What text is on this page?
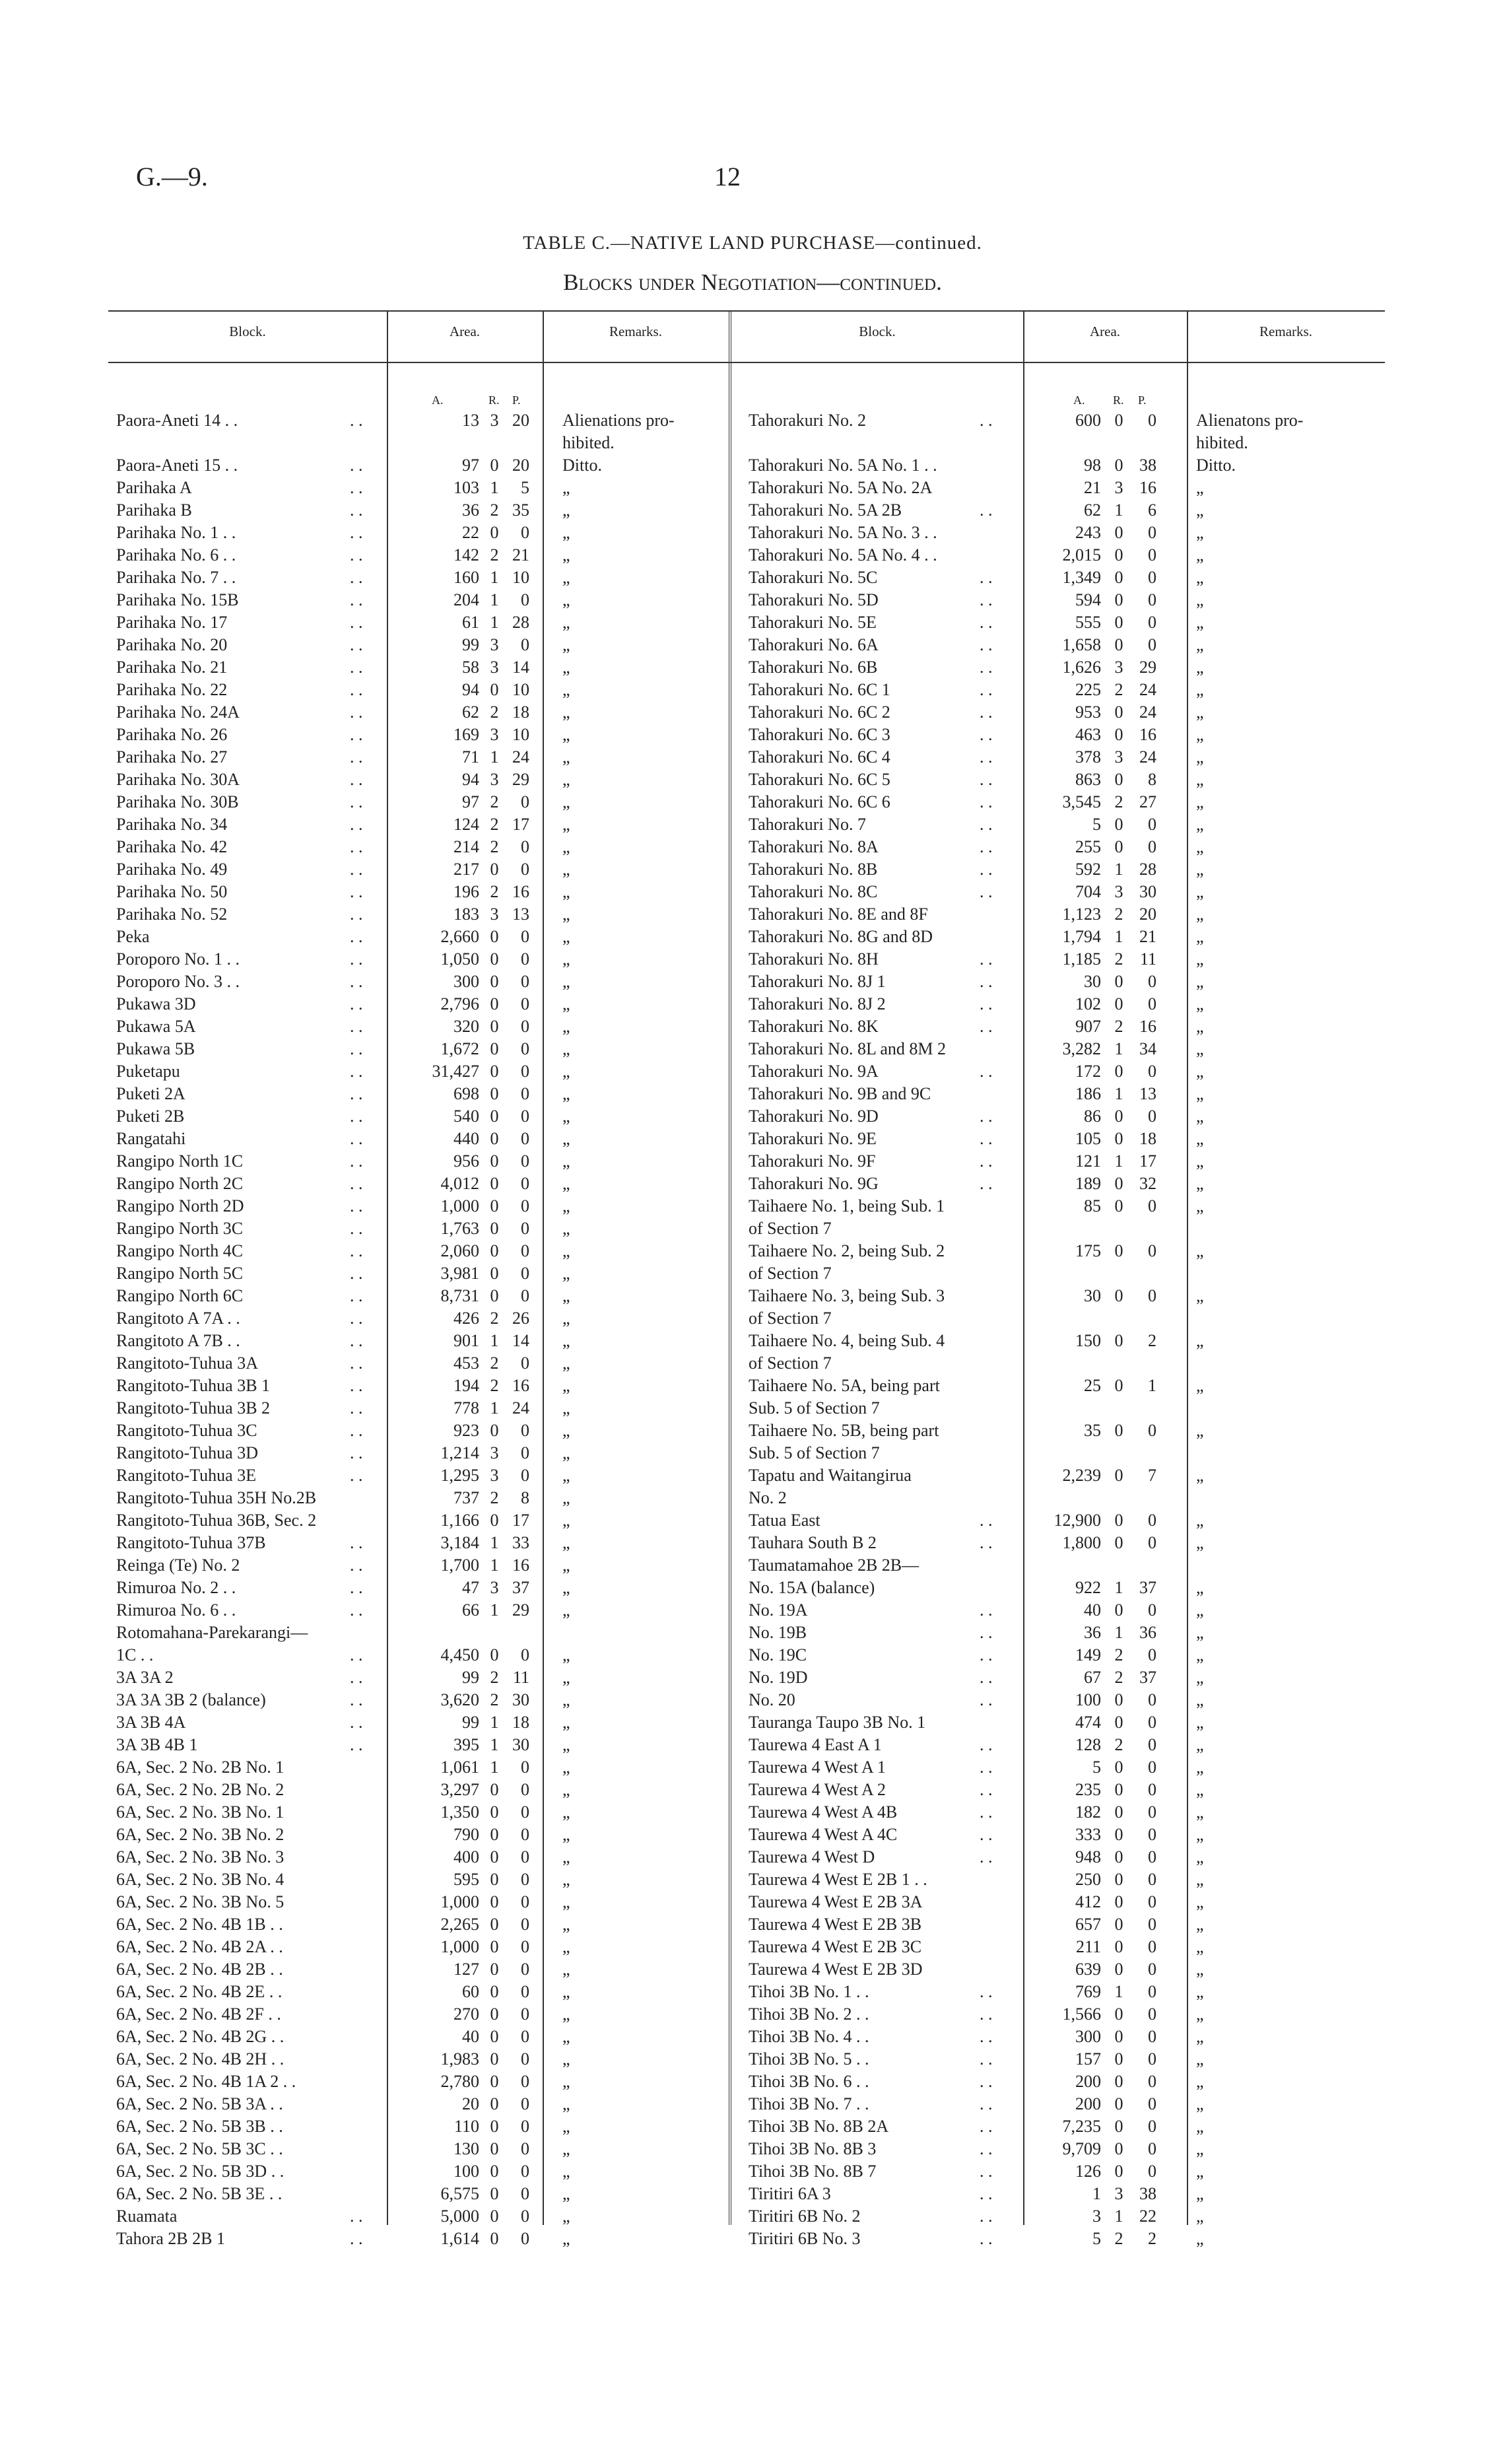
G.—9.	12
TABLE C.—NATIVE LAND PURCHASE—continued.
Blocks under Negotiation—continued.
Block.	Area.	Remarks.	Block.	Area.	Remarks.
A.	R. P.	A. R. P.
Paora-Aneti 14 . .	. .	13 3 20 Alienations pro-
hibited.
Paora-Aneti 15 . .	. .	97 0 20 Ditto.
Parihaka A	. .	103 1	5 „
Parihaka B	. .	36 2 35 „
Parihaka No. 1 . .	. .	22 0	0 „
Parihaka No. 6 . .	. .	142 2 21 „
Parihaka No. 7 . .	. .	160 1 10 „
Parihaka No. 15B	. .	204 1	0 „
Parihaka No. 17	. .	61 1 28 „
Parihaka No. 20	. .	99 3	0 „
Parihaka No. 21	. .	58 3 14 „
Parihaka No. 22	. .	94 0 10 „
Parihaka No. 24A	. .	62 2 18 „
Parihaka No. 26	. .	169 3 10 „
Parihaka No. 27	. .	71 1 24 „
Parihaka No. 30A	. .	94 3 29 „
Parihaka No. 30B	. .	97 2	0 „
Parihaka No. 34	. .	124 2 17 „
Parihaka No. 42	. .	214 2	0 „
Parihaka No. 49	. .	217 0	0 „
Parihaka No. 50	. .	196 2 16 „
Parihaka No. 52	. .	183 3 13 „
Peka	. .	2,660 0	0 „
Poroporo No. 1 . .	. .	1,050 0	0 „
Poroporo No. 3 . .	. .	300 0	0 „
Pukawa 3D	. .	2,796 0	0 „
Pukawa 5A	. .	320 0	0 „
Pukawa 5B	. .	1,672 0	0 „
Puketapu	. .	31,427 0	0 „
Puketi 2A	. .	698 0	0 „
Puketi 2B	. .	540 0	0 „
Rangatahi	. .	440 0	0 „
Rangipo North 1C	. .	956 0	0 „
Rangipo North 2C	. .	4,012 0	0 „
Rangipo North 2D	. .	1,000 0	0 „
Rangipo North 3C	. .	1,763 0	0 „
Rangipo North 4C	. .	2,060 0	0 „
Rangipo North 5C	. .	3,981 0	0 „
Rangipo North 6C	. .	8,731 0	0 „
Rangitoto A 7A . .	. .	426 2 26 „
Rangitoto A 7B . .	. .	901 1 14 „
Rangitoto-Tuhua 3A	. .	453 2	0 „
Rangitoto-Tuhua 3B 1	. .	194 2 16 „
Rangitoto-Tuhua 3B 2	. .	778 1 24 „
Rangitoto-Tuhua 3C	. .	923 0	0 „
Rangitoto-Tuhua 3D	. .	1,214 3	0 „
Rangitoto-Tuhua 3E	. .	1,295 3	0 „
Rangitoto-Tuhua 35H No.2B	737 2	8 „
Rangitoto-Tuhua 36B, Sec. 2	1,166 0 17 „
Rangitoto-Tuhua 37B	. .	3,184 1 33 „
Reinga (Te) No. 2	. .	1,700 1 16 „
Rimuroa No. 2 . .	. .	47 3 37 „
Rimuroa No. 6 . .	. .	66 1 29 „
Rotomahana-Parekarangi—
1C . .	. .	4,450 0	0 „
3A 3A 2	. .	99 2 11 „
3A 3A 3B 2 (balance)	. .	3,620 2 30 „
3A 3B 4A	. .	99 1 18 „
3A 3B 4B 1	. .	395 1 30 „
6A, Sec. 2 No. 2B No. 1	1,061 1	0 „
6A, Sec. 2 No. 2B No. 2	3,297 0	0 „
6A, Sec. 2 No. 3B No. 1	1,350 0	0 „
6A, Sec. 2 No. 3B No. 2	790 0	0 „
6A, Sec. 2 No. 3B No. 3	400 0	0 „
6A, Sec. 2 No. 3B No. 4	595 0	0 „
6A, Sec. 2 No. 3B No. 5	1,000 0	0 „
6A, Sec. 2 No. 4B 1B . .	2,265 0	0 „
6A, Sec. 2 No. 4B 2A . .	1,000 0	0 „
6A, Sec. 2 No. 4B 2B . .	127 0	0 „
6A, Sec. 2 No. 4B 2E . .	60 0	0 „
6A, Sec. 2 No. 4B 2F . .	270 0	0 „
6A, Sec. 2 No. 4B 2G . .	40 0	0 „
6A, Sec. 2 No. 4B 2H . .	1,983 0	0 „
6A, Sec. 2 No. 4B 1A 2 . .	2,780 0	0 „
6A, Sec. 2 No. 5B 3A . .	20 0	0 „
6A, Sec. 2 No. 5B 3B . .	110 0	0 „
6A, Sec. 2 No. 5B 3C . .	130 0	0 „
6A, Sec. 2 No. 5B 3D . .	100 0	0 „
6A, Sec. 2 No. 5B 3E . .	6,575 0	0 „
Ruamata	. .	5,000 0	0 „
Tahora 2B 2B 1	. .	1,614 0	0 „
Tahorakuri No. 2	. .	600 0	0 Alienatons pro-
hibited.
Tahorakuri No. 5A No. 1 . .	98 0 38 Ditto.
Tahorakuri No. 5A No. 2A	21 3 16 „
Tahorakuri No. 5A 2B	. .	62 1	6 „
Tahorakuri No. 5A No. 3 . .	243 0	0 „
Tahorakuri No. 5A No. 4 . .	2,015 0	0 „
Tahorakuri No. 5C	. .	1,349 0	0 „
Tahorakuri No. 5D	. .	594 0	0 „
Tahorakuri No. 5E	. .	555 0	0 „
Tahorakuri No. 6A	. .	1,658 0	0 „
Tahorakuri No. 6B	. .	1,626 3 29 „
Tahorakuri No. 6C 1	. .	225 2 24 „
Tahorakuri No. 6C 2	. .	953 0 24 „
Tahorakuri No. 6C 3	. .	463 0 16 „
Tahorakuri No. 6C 4	. .	378 3 24 „
Tahorakuri No. 6C 5	. .	863 0	8 „
Tahorakuri No. 6C 6	. .	3,545 2 27 „
Tahorakuri No. 7	. .	5 0	0 „
Tahorakuri No. 8A	. .	255 0	0 „
Tahorakuri No. 8B	. .	592 1 28 „
Tahorakuri No. 8C	. .	704 3 30 „
Tahorakuri No. 8E and 8F	1,123 2 20 „
Tahorakuri No. 8G and 8D	1,794 1 21 „
Tahorakuri No. 8H	. .	1,185 2 11 „
Tahorakuri No. 8J 1	. .	30 0	0 „
Tahorakuri No. 8J 2	. .	102 0	0 „
Tahorakuri No. 8K	. .	907 2 16 „
Tahorakuri No. 8L and 8M 2	3,282 1 34 „
Tahorakuri No. 9A	. .	172 0	0 „
Tahorakuri No. 9B and 9C	186 1 13 „
Tahorakuri No. 9D	. .	86 0	0 „
Tahorakuri No. 9E	. .	105 0 18 „
Tahorakuri No. 9F	. .	121 1 17 „
Tahorakuri No. 9G	. .	189 0 32 „
Taihaere No. 1, being Sub. 1	85 0	0 „
of Section 7
Taihaere No. 2, being Sub. 2	175 0	0 „
of Section 7
Taihaere No. 3, being Sub. 3	30 0	0 „
of Section 7
Taihaere No. 4, being Sub. 4	150 0	2 „
of Section 7
Taihaere No. 5A, being part	25 0	1 „
Sub. 5 of Section 7
Taihaere No. 5B, being part	35 0	0 „
Sub. 5 of Section 7
Tapatu and Waitangirua	2,239 0	7 „
No. 2
Tatua East	. .	12,900 0	0 „
Tauhara South B 2	. .	1,800 0	0 „
Taumatamahoe 2B 2B—
No. 15A (balance)	922 1 37 „
No. 19A	. .	40 0	0 „
No. 19B	. .	36 1 36 „
No. 19C	. .	149 2	0 „
No. 19D	. .	67 2 37 „
No. 20	. .	100 0	0 „
Tauranga Taupo 3B No. 1	474 0	0 „
Taurewa 4 East A 1	. .	128 2	0 „
Taurewa 4 West A 1	. .	5 0	0 „
Taurewa 4 West A 2	. .	235 0	0 „
Taurewa 4 West A 4B	. .	182 0	0 „
Taurewa 4 West A 4C	. .	333 0	0 „
Taurewa 4 West D	. .	948 0	0 „
Taurewa 4 West E 2B 1 . .	250 0	0 „
Taurewa 4 West E 2B 3A	412 0	0 „
Taurewa 4 West E 2B 3B	657 0	0 „
Taurewa 4 West E 2B 3C	211 0	0 „
Taurewa 4 West E 2B 3D	639 0	0 „
Tihoi 3B No. 1 . .	. .	769 1	0 „
Tihoi 3B No. 2 . .	. .	1,566 0	0 „
Tihoi 3B No. 4 . .	. .	300 0	0 „
Tihoi 3B No. 5 . .	. .	157 0	0 „
Tihoi 3B No. 6 . .	. .	200 0	0 „
Tihoi 3B No. 7 . .	. .	200 0	0 „
Tihoi 3B No. 8B 2A	. .	7,235 0	0 „
Tihoi 3B No. 8B 3	. .	9,709 0	0 „
Tihoi 3B No. 8B 7	. .	126 0	0 „
Tiritiri 6A 3	. .	1 3 38 „
Tiritiri 6B No. 2	. .	3 1 22 „
Tiritiri 6B No. 3	. .	5 2	2 „
